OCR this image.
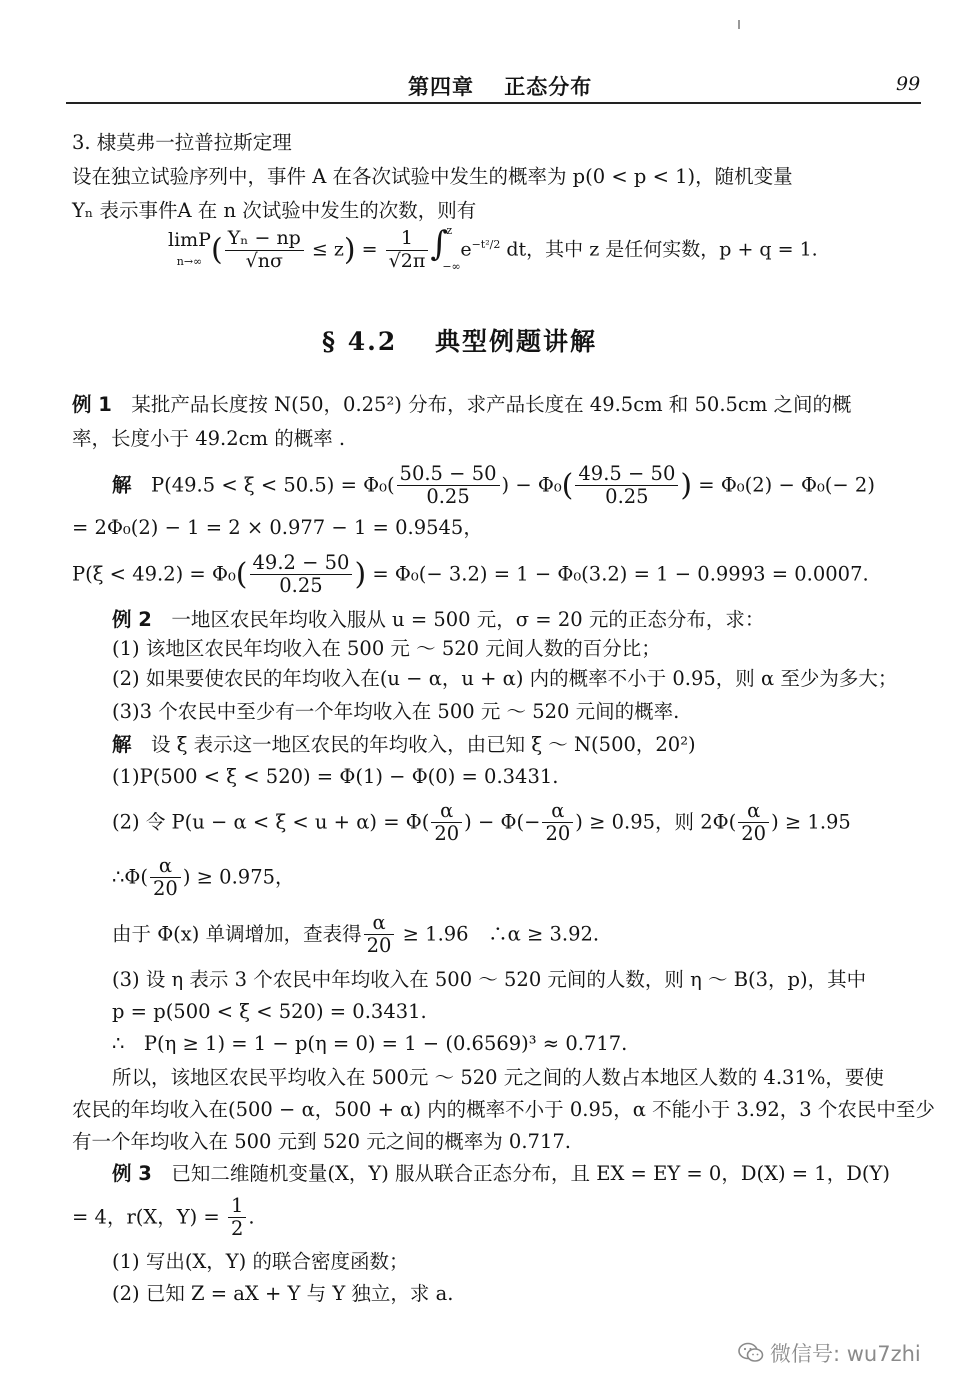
第四章　 正态分布	99
3. 棣莫弗一拉普拉斯定理
设在独立试验序列中，事件 A 在各次试验中发生的概率为 p(0 < p < 1)，随机变量
Yₙ 表示事件A 在 n 次试验中发生的次数，则有
limP
n→∞ ( $\frac{\text{Yₙ − np}}{√n\sigma} \le z) = \frac{1}{√2\pi}$ ∫
z
−∞
$e^{-t^2/2}$ dt，其中 z 是任何实数，p + q = 1.
§ 4.2　 典型例题讲解
例 1　某批产品长度按 N(50，0.25²) 分布，求产品长度在 49.5cm 和 50.5cm 之间的概
率，长度小于 49.2cm 的概率 .
解　$P(49.5 < \xi < 50.5) = \Phi_0( \frac{50.5 - 50}{0.25}$ ) − $\Phi_0( \frac{49.5 - 50}{0.25}$ ) = Φ₀(2) − Φ₀(− 2)
= 2Φ₀(2) − 1 = 2 × 0.977 − 1 = 0.9545，
$P(\xi < 49.2) = \Phi_0( \frac{49.2 - 50}{0.25}$ ) = Φ₀(− 3.2) = 1 − Φ₀(3.2) = 1 − 0.9993 = 0.0007.
例 2　一地区农民年均收入服从 u = 500 元，σ = 20 元的正态分布，求：
(1) 该地区农民年均收入在 500 元 ～ 520 元间人数的百分比；
(2) 如果要使农民的年均收入在(u − α，u + α) 内的概率不小于 0.95，则 α 至少为多大；
(3)3 个农民中至少有一个年均收入在 500 元 ～ 520 元间的概率.
解　设 ξ 表示这一地区农民的年均收入，由已知 ξ ～ N(500，20²)
(1)P(500 < ξ < 520) = Φ(1) − Φ(0) = 0.3431.
(2) 令 $P(u - \alpha < \xi < u + \alpha) = \Phi( \frac{\alpha}{20}$ ) − $\Phi(- \frac{\alpha}{20}$ ) ≥ 0.95，则 $2\Phi( \frac{\alpha}{20}$ ) ≥ 1.95
∴Φ( $\frac{\alpha}{20}$ ) ≥ 0.975，
由于 Φ(x) 单调增加，查表得 $\frac{\alpha}{20} \ge 1.96$　∴α ≥ 3.92.
(3) 设 η 表示 3 个农民中年均收入在 500 ～ 520 元间的人数，则 η ～ B(3，p)，其中
p = p(500 < ξ < 520) = 0.3431.
∴　P(η ≥ 1) = 1 − p(η = 0) = 1 − (0.6569)³ ≈ 0.717.
所以，该地区农民平均收入在 500元 ～ 520 元之间的人数占本地区人数的 4.31%，要使
农民的年均收入在(500 − α，500 + α) 内的概率不小于 0.95，α 不能小于 3.92，3 个农民中至少
有一个年均收入在 500 元到 520 元之间的概率为 0.717.
例 3　已知二维随机变量(X，Y) 服从联合正态分布，且 EX = EY = 0，D(X) = 1，D(Y)
= 4，r(X，$Y) = \frac{1}{2}$ .
(1) 写出(X，Y) 的联合密度函数；
(2) 已知 Z = aX + Y 与 Y 独立，求 a.
微信号: wu7zhi
